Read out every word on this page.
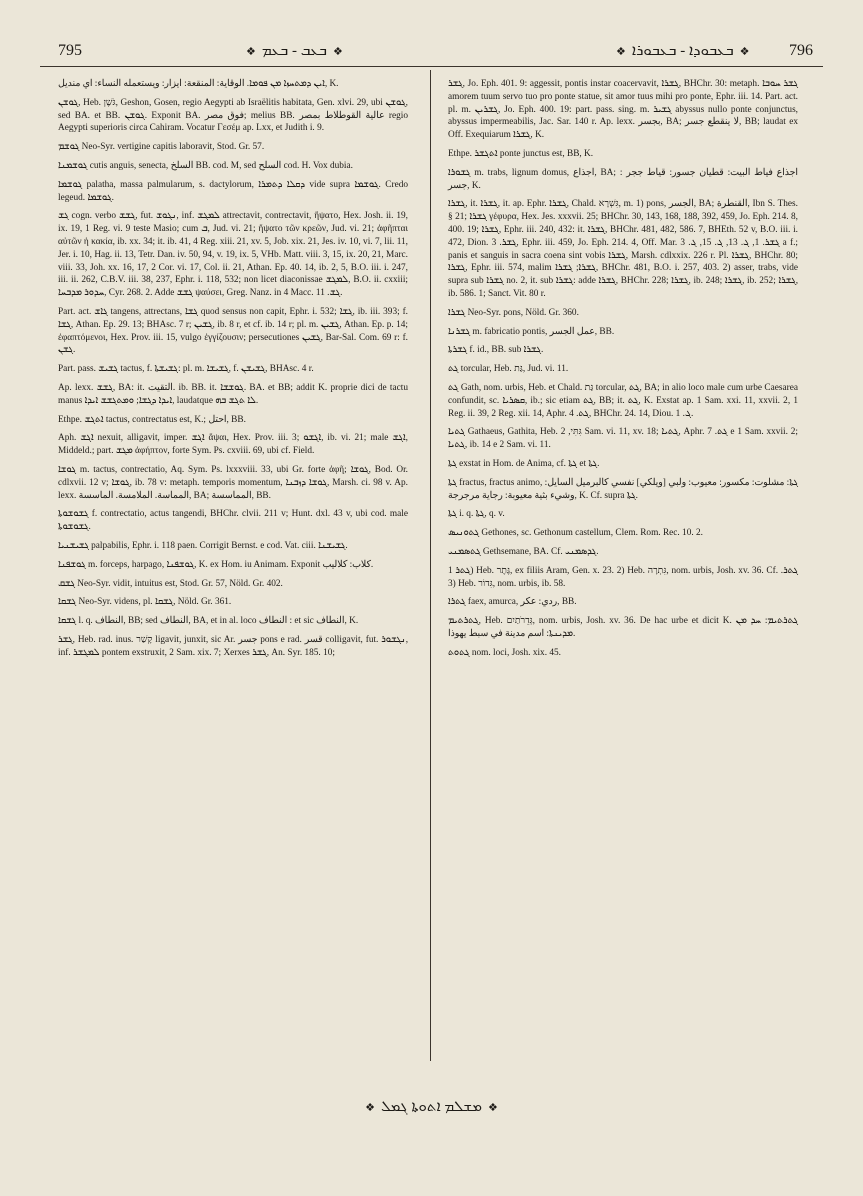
795	❖ܒܥܒ - ܒܥܡ❖	❖ܒܥܒܘܕܐ - ܒܥܒܘܪܐ❖	796

ܐܝܢ ܕܡܬܚܙܐ ܡܢ ܦܘܡܐ. الوقاية: المنقعة: ايزار: ويستعمله النساء: اي منديل, K.

ܓܘܫܢ, Heb. גֹּשֶׁן, Geshon, Gosen, regio Aegypti ab Israëlitis habitata, Gen. xlvi. 29, ubi ܓܘܫܢ, sed BA. et BB. ܓܘܫܢ. Exponit BA. فوق مصر; melius BB. عالية القوطلاط بمصر regio Aegypti superioris circa Cahiram. Vocatur Γεσέμ ap. Lxx, et Judith i. 9.

ܓܘܫܡ Neo-Syr. vertigine capitis laboravit, Stod. Gr. 57.

ܓܘܫܡܢܐ cutis anguis, senecta, السلخ BB. cod. M, sed السلح cod. H. Vox dubia.

ܓܘܫܡܐ palatha, massa palmularum, s. dactylorum, ܕܩܠܐ ܕܬܡܪܐ vide supra ܓܘܫܡܐ. Credo legeud. ܓܘܫܡܐ.

ܓܫ cogn. verbo ܓܫܫ, fut. ܢܓܘܫ, inf. ܠܡܓܫ attrectavit, contrectavit, ἥψατο, Hex. Josh. ii. 19, ix. 19, 1 Reg. vi. 9 teste Masio; cum ܒ, Jud. vi. 21; ἥψατο τῶν κρεῶν, Jud. vi. 21; ἀφῆπται αὐτῶν ἡ κακία, ib. xx. 34; it. ib. 41, 4 Reg. xiii. 21, xv. 5, Job. xix. 21, Jes. iv. 10, vi. 7, lii. 11, Jer. i. 10, Hag. ii. 13, Tetr. Dan. iv. 50, 94, v. 19, ix. 5, VHb. Matt. viii. 3, 15, ix. 20, 21, Marc. viii. 33, Joh. xx. 16, 17, 2 Cor. vi. 17, Col. ii. 21, Athan. Ep. 40. 14, ib. 2, 5, B.O. iii. i. 247, iii. ii. 262, C.B.V. iii. 38, 237, Ephr. i. 118, 532; non licet diaconissae ܠܡܓܫ, B.O. ii. cxxiii; ܚܕܘܪ ܡܕܒܚܐ, Cyr. 268. 2. Adde ܓܫܫ ψαύσει, Greg. Nanz. in 4 Macc. ܓܫ. 11.

Part. act. ܓܐܫ tangens, attrectans, ܓܫܐ quod sensus non capit, Ephr. i. 532; ܓܫܐ, ib. iii. 393; f. ܓܫܐ, Athan. Ep. 29. 13; BHAsc. 7 r; ܓܫܝܢ, ib. 8 r, et cf. ib. 14 r; pl. m. ܓܫܝܢ, Athan. Ep. p. 14; ἐφαπτόμενοι, Hex. Prov. iii. 15, vulgo ἐγγίζουσιν; persecutiones ܓܫܝܢ, Bar-Sal. Com. 69 r: f. ܓܫܢ.

Part. pass. ܓܫܝܫ tactus, f. ܓܫܝܫܬܐ: pl. m. ܓܫܝܫܐ, f. ܓܫܝܫܢ, BHAsc. 4 r.

Ap. lexx. ܓܫܫ, BA: it. التقيت. ib. BB. it. ܓܘܫܫܐ. BA. et BB; addit K. proprie dici de tactu manus ܐܝܕܐ ܕܓܫܐ; ܘܡܬܓܫܫ ܐܝܕܐ, laudatque ܠܐ ܬܓܫ ܒܗ.

Ethpe. ܐܬܓܫ tactus, contrectatus est, K.; احتل, BB.

Aph. ܐܓܫ nexuit, alligavit, imper. ܐܓܫ ἅψαι, Hex. Prov. iii. 3; ܐܓܫܘ, ib. vi. 21; male ܐܓܫ, Middeld.; part. ܡܓܫ ἀφήπτον, forte Sym. Ps. cxviii. 69, ubi cf. Field.

ܓܘܫܐ m. tactus, contrectatio, Aq. Sym. Ps. lxxxviii. 33, ubi Gr. forte ἁφῆ; ܓܘܫܐ, Bod. Or. cdlxvii. 12 v; ܓܘܫܐ, ib. 78 v: metaph. temporis momentum, ܓܘܫܐ ܕܙܒܢܐ, Marsh. ci. 98 v. Ap. lexx. المماسة. الملامسة. الماسسة, BA; المماسسة, BB.

ܓܫܘܫܘܬܐ f. contrectatio, actus tangendi, BHChr. clvii. 211 v; Hunt. dxl. 43 v, ubi cod. male ܓܫܘܫܘܬܐ.

ܓܫܝܫܢܝܐ palpabilis, Ephr. i. 118 paen. Corrigit Bernst. e cod. Vat. ciii. ܓܫܝܫܢܐ.

ܓܘܫܦܢܐ m. forceps, harpago, ܓܘܫܦܢܐ, K. ex Hom. iu Animam. Exponit كلاب: كلاليب.

ܓܫܩ Neo-Syr. vidit, intuitus est, Stod. Gr. 57, Nöld. Gr. 402.

ܓܫܩܐ Neo-Syr. videns, pl. ܓܫܩܐ, Nöld. Gr. 361.

ܓܫܩܐ l. q. النطاف, BB; sed النطاف, BA, et in al. loco النطاف : et sic النطاف, K.

ܓܫܪ, Heb. rad. inus. קָשַׁר ligavit, junxit, sic Ar. جسر pons e rad. قسر colligavit, fut. ܢܓܫܘܪ, inf. ܠܡܓܫܪ pontem exstruxit, 2 Sam. xix. 7; Xerxes ܓܫܪ, An. Syr. 185. 10;

ܓܫܪ, Jo. Eph. 401. 9: aggessit, pontis instar coacervavit, ܓܫܪܐ, BHChr. 30: metaph. ܓܫܪ ܚܘܒܐ amorem tuum servo tuo pro ponte statue, sit amor tuus mihi pro ponte, Ephr. iii. 14. Part. act. pl. m. ܓܫܪܝܢ, Jo. Eph. 400. 19: part. pass. sing. m. ܓܫܝܪ abyssus nullo ponte conjunctus, abyssus impermeabilis, Jac. Sar. 140 r. Ap. lexx. بجسر, BA; لا ينقطع جسر, BB; laudat ex Off. Exequiarum ܓܫܪܐ, K.

Ethpe. ܐܬܓܫܪ ponte junctus est, BB, K.

ܓܫܘܪܐ m. trabs, lignum domus, اجذاع, BA; اجذاع فياط البيت: قطيان جسور: قياط ججر : جسر, K.

ܓܫܪܐ, it. ܓܫܪܐ, it. ap. Ephr. ܓܫܪܐ, Chald. גִּשְׁרָא, m. 1) pons, الجسر, BA; القنطرة, Ibn S. Thes. § 21; ܓܫܪܐ γέφυρα, Hex. Jes. xxxvii. 25; BHChr. 30, 143, 168, 188, 392, 459, Jo. Eph. 214. 8, 400. 19; ܓܫܪܐ, Ephr. iii. 240, 432: it. ܓܫܪܐ, BHChr. 481, 482, 586. 7, BHEth. 52 v, B.O. iii. i. 472, Dion. ܓܫܪ. 3, Ephr. iii. 459, Jo. Eph. 214. 4, Off. Mar. ܓܫܪ. 1, ܓ. 13, ܓ. 15, ܓ. 3 a f.; panis et sanguis in sacra coena sint vobis ܓܫܪܐ, Marsh. cdlxxix. 226 r. Pl. ܓܫܪܐ, BHChr. 80; ܓܫܪܐ, Ephr. iii. 574, malim ܓܫܪܐ; ܓܫܪܐ, BHChr. 481, B.O. i. 257, 403. 2) asser, trabs, vide supra sub ܓܫܪܐ no. 2, it. sub ܓܫܪܐ: adde ܓܫܪܐ, BHChr. 228; ܓܫܪܐ, ib. 248; ܓܫܪܐ, ib. 252; ܓܫܪܐ, ib. 586. 1; Sanct. Vit. 80 r.

ܓܫܪܐ Neo-Syr. pons, Nöld. Gr. 360.

ܓܫܪܢܐ m. fabricatio pontis, عمل الجسر, BB.

ܓܫܪܬܐ f. id., BB. sub ܓܫܪܐ.

ܓܬ torcular, Heb. גַּת, Jud. vi. 11.

ܓܬ Gath, nom. urbis, Heb. et Chald. גַּת torcular, ܓܬ, BA; in alio loco male cum urbe Caesarea confundit, sc. ܩܣܪܝܐ, ib.; sic etiam ܓܬ, BB; it. ܓܬ, K. Exstat ap. 1 Sam. xxi. 11, xxvii. 2, 1 Reg. ii. 39, 2 Reg. xii. 14, Aphr. ܓܬ. 4, BHChr. 24. 14, Diou. ܓ. 1.

ܓܬܝܐ Gathaeus, Gathita, Heb. גִּתִּי, 2 Sam. vi. 11, xv. 18; ܓܬܝܐ, Aphr. ܓܬ. 7 e 1 Sam. xxvii. 2; ܓܬܝܐ, ib. 14 e 2 Sam. vi. 11.

ܓܬܐ exstat in Hom. de Anima, cf. ܓܬܐ et ܓܬܐ.

ܓܬܐ fractus, fractus animo, ܓܬܐ: مشلوت: مكسور: معيوب: ولبي [ويلكي] نفسي كالبرميل السايل: وشيء بثية معيوبة: رجاية مرجرجة, K. Cf. supra ܓܬܐ.

ܓܬܐ i. q. ܓܬܐ, q. v.

ܓܬܘܢܝܣ Gethones, sc. Gethonum castellum, Clem. Rom. Rec. 10. 2.

ܓܬܣܡܢܝ Gethsemane, BA. Cf. ܓܕܣܡܢܝ.

ܓܬܪ 1) Heb. גֶּתֶר, ex filiis Aram, Gen. x. 23. 2) Heb. גִּתְרָה, nom. urbis, Josh. xv. 36. Cf. ܓܬܪ. 3) Heb. גִּדוֹר, nom. urbis, ib. 58.

ܓܬܪܐ faex, amurca, ردي: عكر, BB.

ܓܬܪܬܝܡ, Heb. גְּדֵרֹתַיִם, nom. urbis, Josh. xv. 36. De hac urbe et dicit K. ܓܬܪܬܝܡ: ܚܕ ܡܢ ܡܕܝܢܬܐ: اسم مدينة في سبط يهوذا.

ܓܬܘܬ nom. loci, Josh. xix. 45.

❖ܡܫܠܡ ܐܬܘܬܐ ܓܡܠ❖
